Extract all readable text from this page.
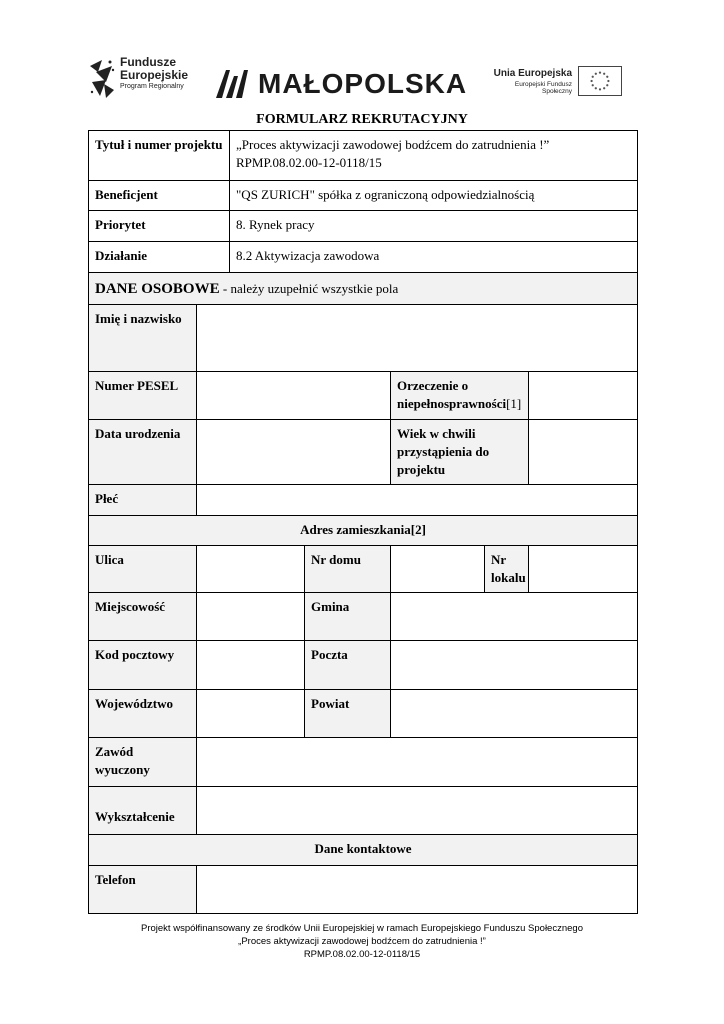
Fundusze
Europejskie
Program Regionalny	MAŁOPOLSKA	Unia Europejska
Europejski Fundusz Społeczny
FORMULARZ REKRUTACYJNY
Tytuł i numer projektu		„Proces aktywizacji zawodowej bodźcem do zatrudnienia !”
RPMP.08.02.00-12-0118/15				
Beneficjent		"QS ZURICH" spółka z ograniczoną odpowiedzialnością				
Priorytet		8. Rynek pracy				
Działanie		8.2 Aktywizacja zawodowa				
DANE OSOBOWE - należy uzupełnić wszystkie pola						
Imię i nazwisko						
Numer PESEL				Orzeczenie o niepełnosprawności[1]		
Data urodzenia				Wiek w chwili przystąpienia do projektu		
Płeć						
Adres zamieszkania[2]						
Ulica			Nr domu		Nr lokalu	
Miejscowość			Gmina			
Kod pocztowy			Poczta			
Województwo			Powiat			
Zawód wyuczony						
Wykształcenie						
Dane kontaktowe						
Telefon						
Projekt współfinansowany ze środków Unii Europejskiej w ramach Europejskiego Funduszu Społecznego
„Proces aktywizacji zawodowej bodźcem do zatrudnienia !”
RPMP.08.02.00-12-0118/15
